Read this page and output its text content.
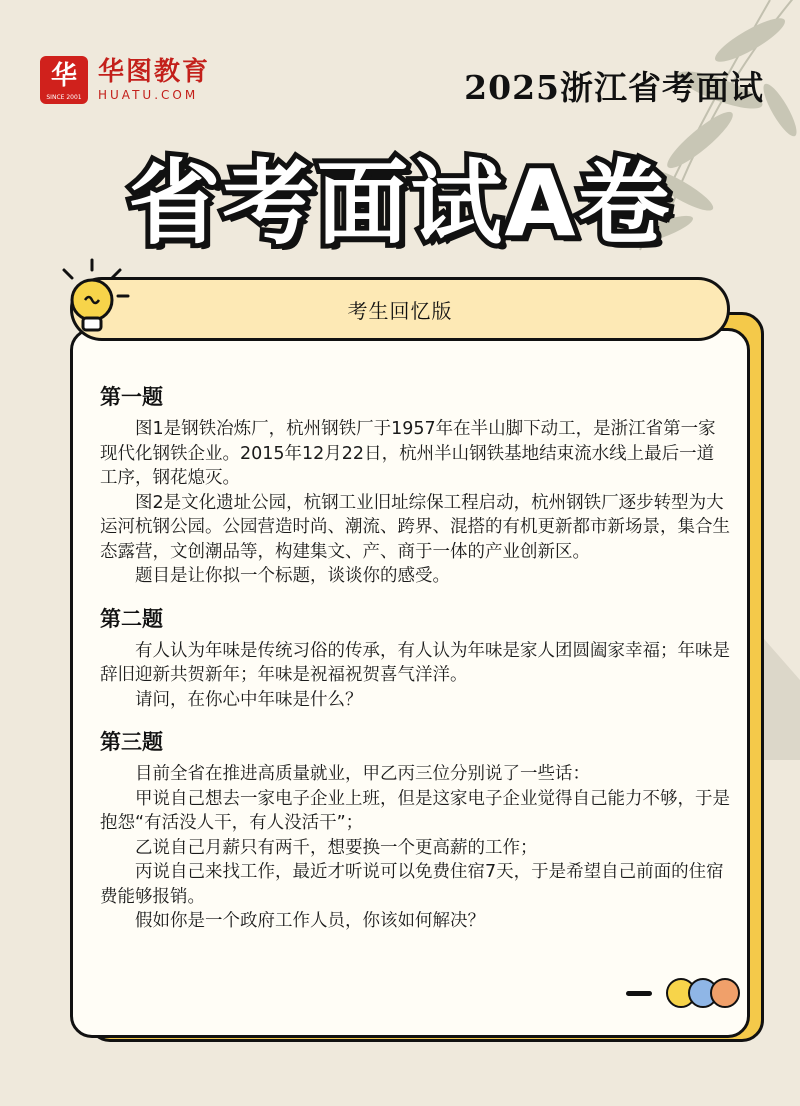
华
SINCE 2001
华图教育
HUATU.COM	2025浙江省考面试
省考面试A卷
考生回忆版
第一题

图1是钢铁冶炼厂，杭州钢铁厂于1957年在半山脚下动工，是浙江省第一家现代化钢铁企业。2015年12月22日，杭州半山钢铁基地结束流水线上最后一道工序，钢花熄灭。

图2是文化遗址公园，杭钢工业旧址综保工程启动，杭州钢铁厂逐步转型为大运河杭钢公园。公园营造时尚、潮流、跨界、混搭的有机更新都市新场景，集合生态露营，文创潮品等，构建集文、产、商于一体的产业创新区。

题目是让你拟一个标题，谈谈你的感受。

第二题

有人认为年味是传统习俗的传承，有人认为年味是家人团圆阖家幸福；年味是辞旧迎新共贺新年；年味是祝福祝贺喜气洋洋。

请问，在你心中年味是什么？

第三题

目前全省在推进高质量就业，甲乙丙三位分别说了一些话：

甲说自己想去一家电子企业上班，但是这家电子企业觉得自己能力不够，于是抱怨“有活没人干，有人没活干”；

乙说自己月薪只有两千，想要换一个更高薪的工作；

丙说自己来找工作，最近才听说可以免费住宿7天，于是希望自己前面的住宿费能够报销。

假如你是一个政府工作人员，你该如何解决？
